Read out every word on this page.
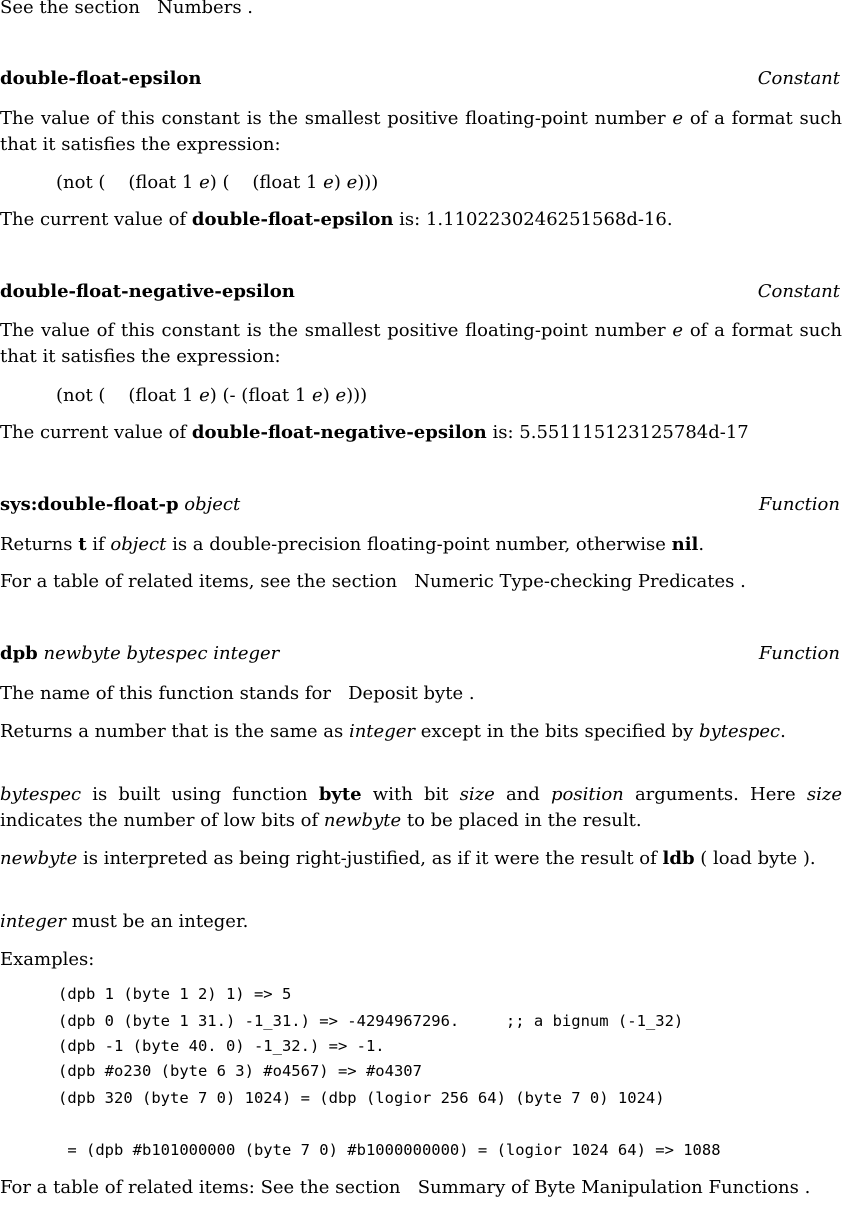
See the section Numbers .
double-float-epsilon	Constant
The value of this constant is the smallest positive floating-point number e of a format such that it satisfies the expression:
(not ( (float 1 e) ( (float 1 e) e)))
The current value of double-float-epsilon is: 1.1102230246251568d-16.
double-float-negative-epsilon	Constant
The value of this constant is the smallest positive floating-point number e of a format such that it satisfies the expression:
(not ( (float 1 e) (- (float 1 e) e)))
The current value of double-float-negative-epsilon is: 5.551115123125784d-17
sys:double-float-p object	Function
Returns t if object is a double-precision floating-point number, otherwise nil.
For a table of related items, see the section Numeric Type-checking Predicates .
dpb newbyte bytespec integer	Function
The name of this function stands for Deposit byte .
Returns a number that is the same as integer except in the bits specified by bytespec.
bytespec is built using function byte with bit size and position arguments. Here size indicates the number of low bits of newbyte to be placed in the result.
newbyte is interpreted as being right-justified, as if it were the result of ldb ( load byte ).
integer must be an integer.
Examples:
(dpb 1 (byte 1 2) 1) => 5
(dpb 0 (byte 1 31.) -1_31.) => -4294967296.     ;; a bignum (-1_32)
(dpb -1 (byte 40. 0) -1_32.) => -1.
(dpb #o230 (byte 6 3) #o4567) => #o4307
(dpb 320 (byte 7 0) 1024) = (dbp (logior 256 64) (byte 7 0) 1024)
= (dpb #b101000000 (byte 7 0) #b1000000000) = (logior 1024 64) => 1088
For a table of related items: See the section Summary of Byte Manipulation Functions .
